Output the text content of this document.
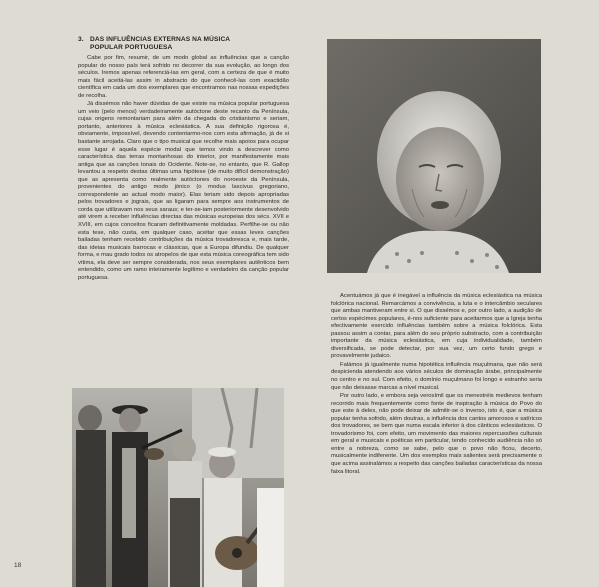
3. DAS INFLUÊNCIAS EXTERNAS NA MÚSICA
POPULAR PORTUGUESA

Cabe por fim, resumir, de um modo global as influências que a canção popular do nosso país terá sofrido no decorrer da sua evolução, ao longo dos séculos. Iremos apenas referenciá-las em geral, com a certeza de que é muito mais fácil aceitá-las assim in abstracto do que conhecê-las com exactidão científica em cada um dos exemplares que encontramos nas nossas expedições de recolha.

Já dissémos não haver dúvidas de que existe na música popular portuguesa um veio (pelo menos) verdadeiramente autóctone deste recanto da Península, cujas origens remontariam para além da chegada do cristianismo e seriam, portanto, anteriores à música eclesiástica. A sua definição rigorosa é, obviamente, impossível, devendo contentarmo-nos com esta afirmação, já de si bastante arrojada. Claro que o tipo musical que recolhe mais apoios para ocupar esse lugar é aquela espécie modal que temos vindo a descrever como característica das terras montanhosas do interior, por manifestamente mais antiga que as canções tonais do Ocidente. Note-se, no entanto, que R. Gallop levantou a respeito destas últimas uma hipótese (de muito difícil demonstração) que as apresenta como realmente autóctones do noroeste da Península, provenientes do antigo modo jónico (o modus lascivus gregoriano, correspondente ao actual modo maior). Elas teriam sido depois apropriadas pelos trovadores e jograis, que as ligaram para sempre aos instrumentos de corda que utilizavam nos seus saraus; e ter-se-iam posteriormente desenvolvido até virem a receber influências directas das músicas europeias dos sécs. XVII e XVIII, em cujos conceitos ficaram definitivamente moldadas. Perfilhe-se ou não esta tese, não custa, em qualquer caso, aceitar que essas leves canções bailadas tenham recebido contribuições da música trovadoresca e, mais tarde, das ideias musicais barrocas e clássicas, que a Europa difundiu. De qualquer forma, e mau grado todos os atropelos de que esta música coreográfica tem sido vítima, ela deve ser sempre considerada, nos seus exemplares autênticos bem entendido, como um ramo inteiramente legítimo e verdadeiro da canção popular portuguesa.

Acentuámos já que é inegável a influência da música eclesiástica na música folclórica nacional. Remarcámos a convivência, a luta e o intercâmbio seculares que ambas mantiveram entre si. O que dissémos e, por outro lado, a audição de certos espécimes populares, é-nos suficiente para aceitarmos que a Igreja tenha efectivamente exercido influências também sobre a música folclórica. Esta passou assim a contar, para além do seu próprio substracto, com a contribuição importante da música eclesiástica, em cuja individualidade, também diversificada, se pode detectar, por sua vez, um certo fundo grego e provavelmente judaico.

Falámos já igualmente numa hipotética influência muçulmana, que não será despicienda atendendo aos vários séculos de dominação árabe, principalmente no centro e no sul. Com efeito, o domínio muçulmano foi longo e estranho seria que não deixasse marcas a nível musical.

Por outro lado, e embora seja verosímil que os menestréis medievos tenham recorrido mais frequentemente como fonte de inspiração à música do Povo do que este à deles, não pode deixar de admitir-se o inverso, isto é, que a música popular tenha sofrido, além doutras, a influência dos cantos amorosos e satíricos dos trovadores, se bem que numa escala inferior à dos cânticos eclesiásticos. O trovadorismo foi, com efeito, um movimento das maiores repercussões culturais em geral e musicais e poéticas em particular, tendo conhecido audiência não só entre a nobreza, como se sabe, pelo que o povo não ficou, decerto, musicalmente indiferente. Um dos exemplos mais salientes será precisamente o que acima assinalámos a respeito das canções bailadas características da nossa faixa litoral.

18
